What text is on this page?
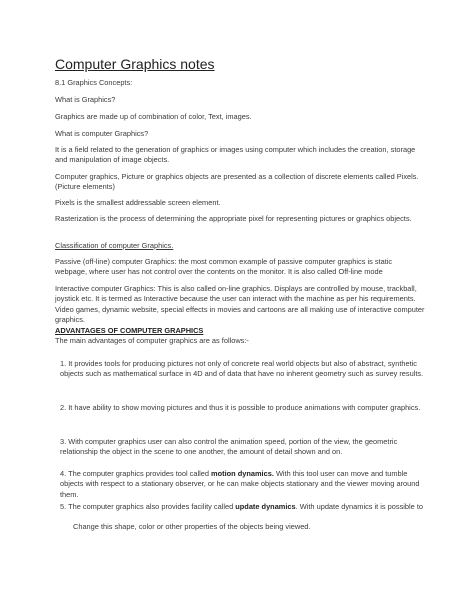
Computer Graphics notes

8.1 Graphics Concepts:

What is Graphics?

Graphics are made up of combination of color, Text, images.

What is computer Graphics?

It is a field related to the generation of graphics or images using computer which includes the creation, storage and manipulation of image objects.

Computer graphics, Picture or graphics objects are presented as a collection of discrete elements called Pixels. (Picture elements)

Pixels is the smallest addressable screen element.

Rasterization is the process of determining the appropriate pixel for representing pictures or graphics objects.

Classification of computer Graphics.

Passive (off-line) computer Graphics: the most common example of passive computer graphics is static webpage, where user has not control over the contents on the monitor. It is also called Off-line mode

Interactive computer Graphics: This is also called on-line graphics. Displays are controlled by mouse, trackball, joystick etc. It is termed as Interactive because the user can interact with the machine as per his requirements. Video games, dynamic website, special effects in movies and cartoons are all making use of interactive computer graphics.

ADVANTAGES OF COMPUTER GRAPHICS

The main advantages of computer graphics are as follows:-

1. It provides tools for producing pictures not only of concrete real world objects but also of abstract, synthetic objects such as mathematical surface in 4D and of data that have no inherent geometry such as survey results.

2. It have ability to show moving pictures and thus it is possible to produce animations with computer graphics.

3. With computer graphics user can also control the animation speed, portion of the view, the geometric relationship the object in the scene to one another, the amount of detail shown and on.

4. The computer graphics provides tool called motion dynamics. With this tool user can move and tumble objects with respect to a stationary observer, or he can make objects stationary and the viewer moving around them.

5. The computer graphics also provides facility called update dynamics. With update dynamics it is possible to

Change this shape, color or other properties of the objects being viewed.
